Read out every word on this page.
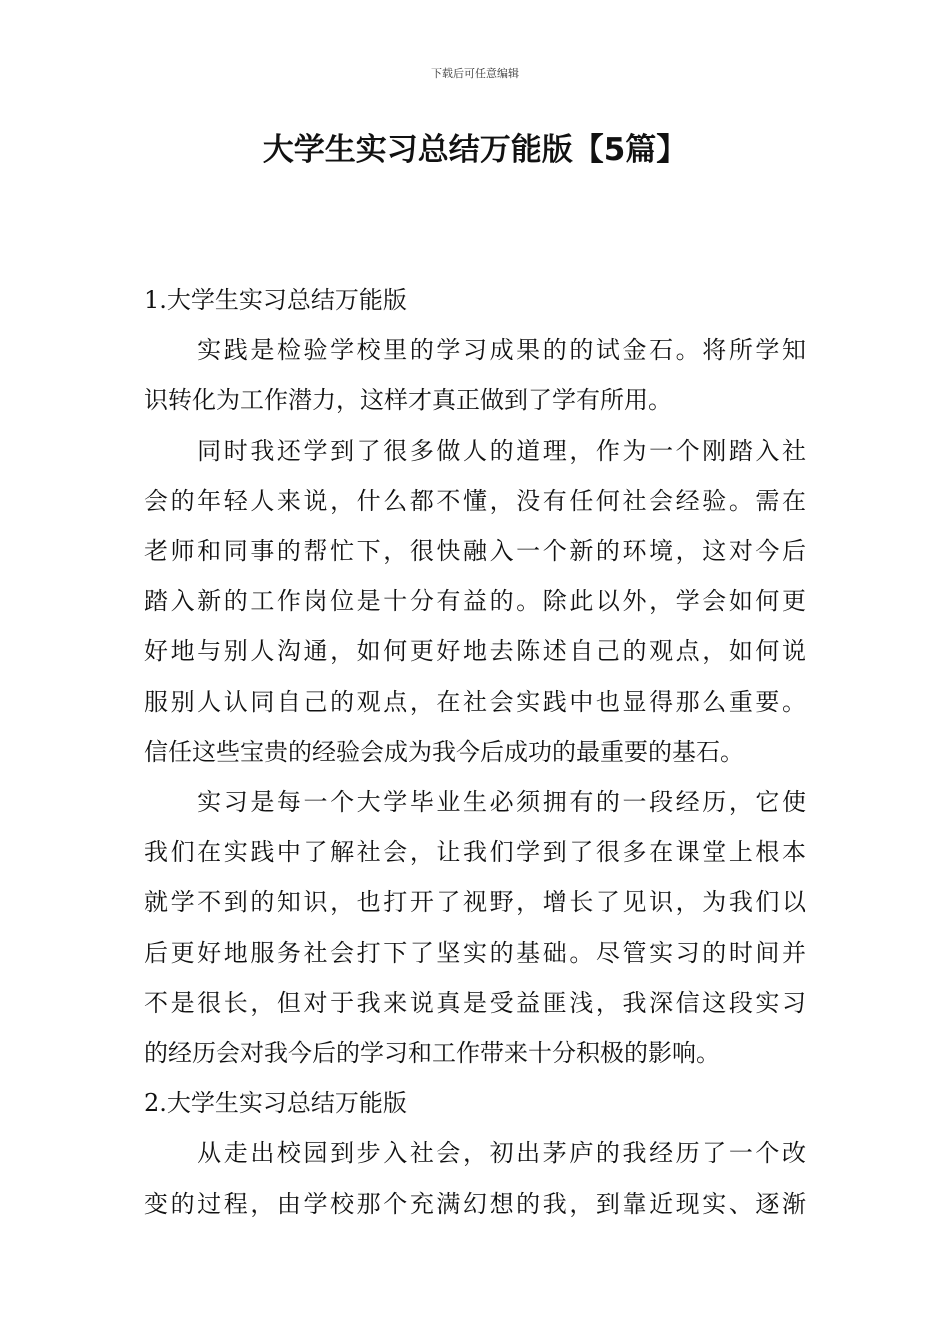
下载后可任意编辑
大学生实习总结万能版【5篇】
1.大学生实习总结万能版

　　实践是检验学校里的学习成果的的试金石。将所学知
识转化为工作潜力，这样才真正做到了学有所用。

　　同时我还学到了很多做人的道理，作为一个刚踏入社
会的年轻人来说，什么都不懂，没有任何社会经验。需在
老师和同事的帮忙下，很快融入一个新的环境，这对今后
踏入新的工作岗位是十分有益的。除此以外，学会如何更
好地与别人沟通，如何更好地去陈述自己的观点，如何说
服别人认同自己的观点，在社会实践中也显得那么重要。
信任这些宝贵的经验会成为我今后成功的最重要的基石。

　　实习是每一个大学毕业生必须拥有的一段经历，它使
我们在实践中了解社会，让我们学到了很多在课堂上根本
就学不到的知识，也打开了视野，增长了见识，为我们以
后更好地服务社会打下了坚实的基础。尽管实习的时间并
不是很长，但对于我来说真是受益匪浅，我深信这段实习
的经历会对我今后的学习和工作带来十分积极的影响。

2.大学生实习总结万能版

　　从走出校园到步入社会，初出茅庐的我经历了一个改
变的过程，由学校那个充满幻想的我，到靠近现实、逐渐
